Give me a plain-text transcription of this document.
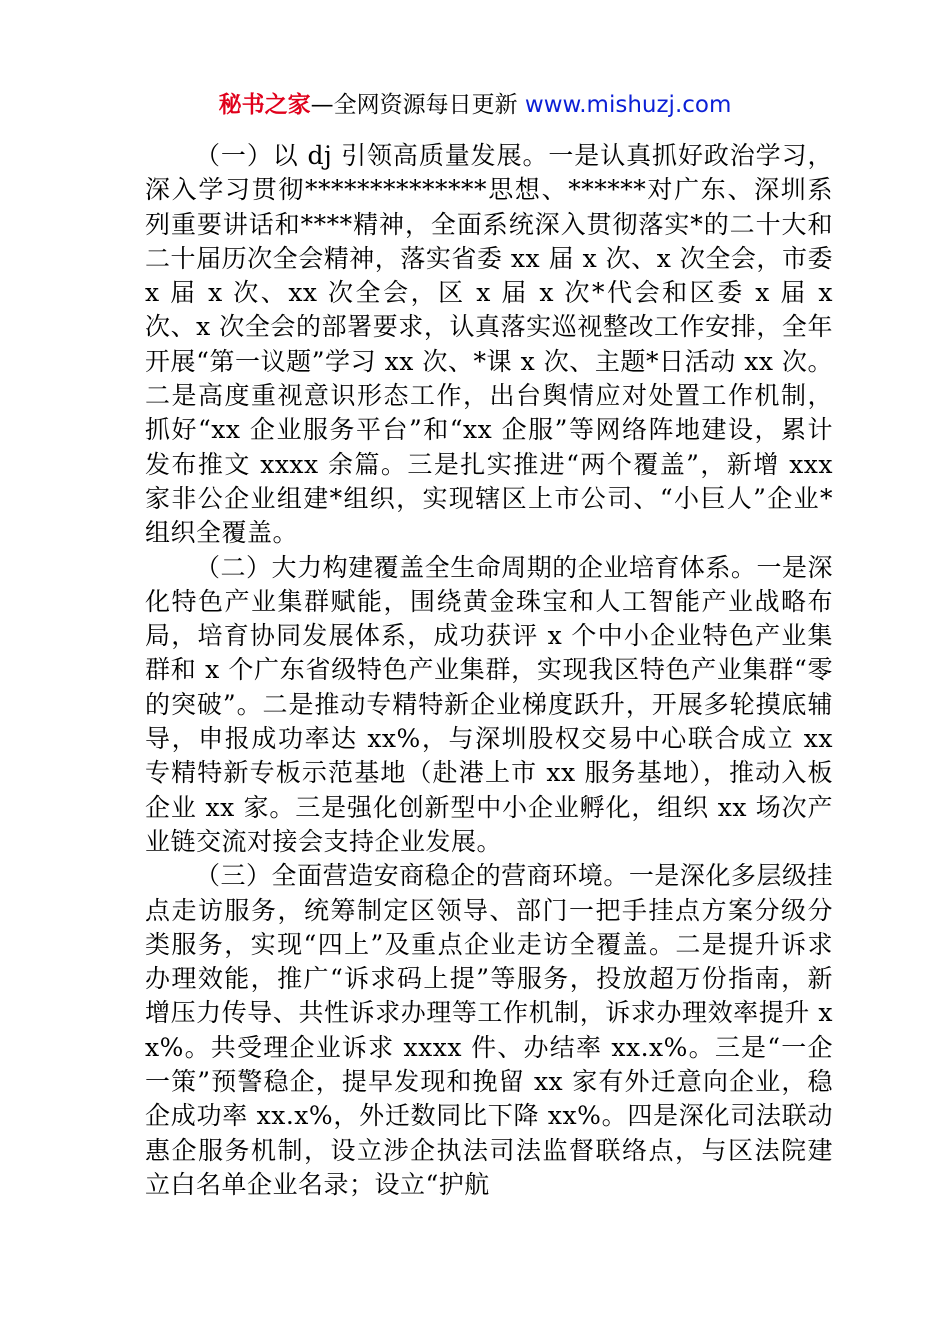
秘书之家—全网资源每日更新 www.mishuzj.com

（一）以 dj 引领高质量发展。一是认真抓好政治学习，深入学习贯彻**************思想、******对广东、深圳系列重要讲话和****精神，全面系统深入贯彻落实*的二十大和二十届历次全会精神，落实省委 xx 届 x 次、x 次全会，市委 x 届 x 次、xx 次全会，区 x 届 x 次*代会和区委 x 届 x 次、x 次全会的部署要求，认真落实巡视整改工作安排，全年开展“第一议题”学习 xx 次、*课 x 次、主题*日活动 xx 次。二是高度重视意识形态工作，出台舆情应对处置工作机制，抓好“xx 企业服务平台”和“xx 企服”等网络阵地建设，累计发布推文 xxxx 余篇。三是扎实推进“两个覆盖”，新增 xxx 家非公企业组建*组织，实现辖区上市公司、“小巨人”企业*组织全覆盖。

（二）大力构建覆盖全生命周期的企业培育体系。一是深化特色产业集群赋能，围绕黄金珠宝和人工智能产业战略布局，培育协同发展体系，成功获评 x 个中小企业特色产业集群和 x 个广东省级特色产业集群，实现我区特色产业集群“零的突破”。二是推动专精特新企业梯度跃升，开展多轮摸底辅导，申报成功率达 xx%，与深圳股权交易中心联合成立 xx 专精特新专板示范基地（赴港上市 xx 服务基地），推动入板企业 xx 家。三是强化创新型中小企业孵化，组织 xx 场次产业链交流对接会支持企业发展。

（三）全面营造安商稳企的营商环境。一是深化多层级挂点走访服务，统筹制定区领导、部门一把手挂点方案分级分类服务，实现“四上”及重点企业走访全覆盖。二是提升诉求办理效能，推广“诉求码上提”等服务，投放超万份指南，新增压力传导、共性诉求办理等工作机制，诉求办理效率提升 xx%。共受理企业诉求 xxxx 件、办结率 xx.x%。三是“一企一策”预警稳企，提早发现和挽留 xx 家有外迁意向企业，稳企成功率 xx.x%，外迁数同比下降 xx%。四是深化司法联动惠企服务机制，设立涉企执法司法监督联络点，与区法院建立白名单企业名录；设立“护航
